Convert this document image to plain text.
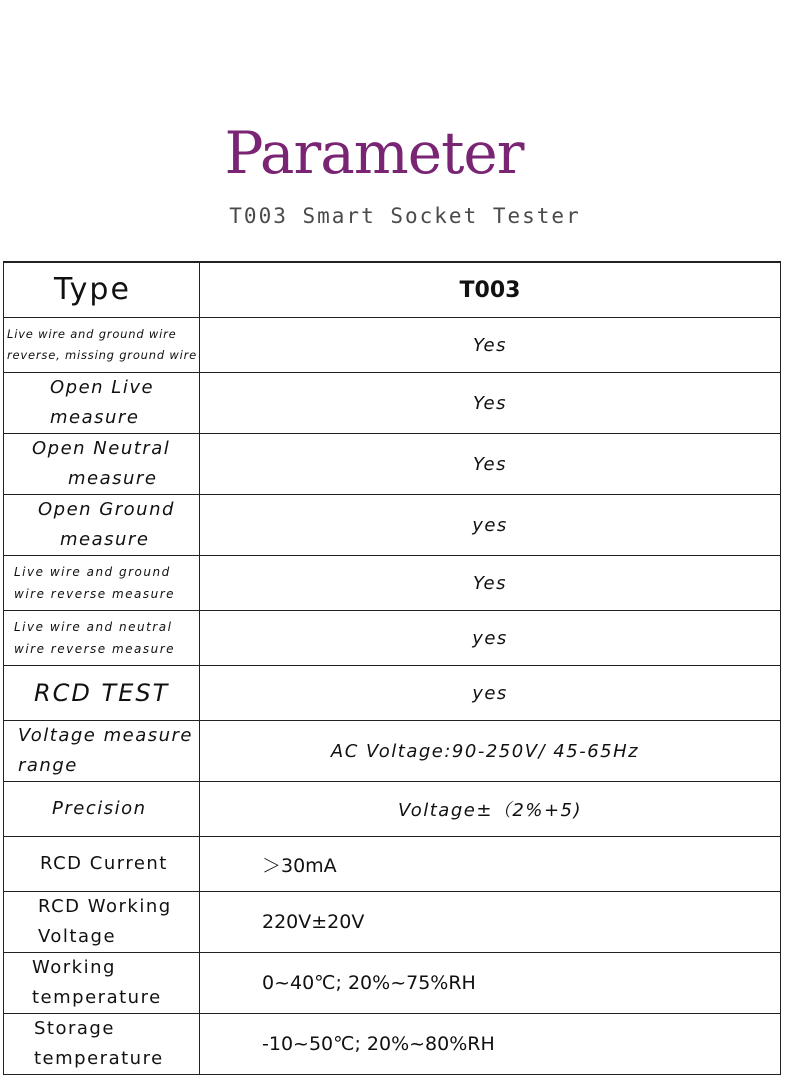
Parameter
T003 Smart Socket Tester
Type	T003

Live wire and ground wire
reverse, missing ground wire	Yes

Open Live
measure	Yes

Open Neutral
measure	Yes

Open Ground
measure	yes

Live wire and ground
wire reverse measure	Yes

Live wire and neutral
wire reverse measure	yes
RCD TEST	yes

Voltage measure
range	AC Voltage:90-250V/ 45-65Hz
Precision	Voltage±（2%+5)
RCD Current	＞30mA

RCD Working
Voltage	220V±20V

Working
temperature	0~40℃; 20%~75%RH

Storage
temperature	-10~50℃; 20%~80%RH
